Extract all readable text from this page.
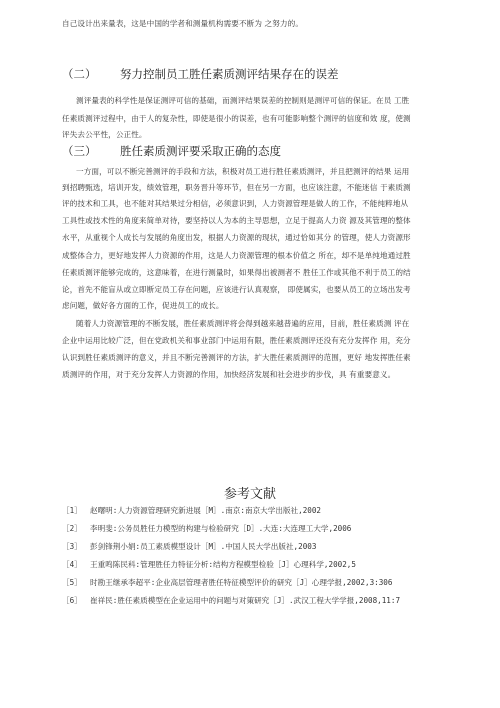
自己设计出来量表，这是中国的学者和测量机构需要不断为 之努力的。
（二） 努力控制员工胜任素质测评结果存在的误差
测评量表的科学性是保证测评可信的基础，而测评结果误差的控制则是测评可信的保证。在员 工胜
任素质测评过程中，由于人的复杂性，即使是很小的误差，也有可能影响整个测评的信度和效 度，使测
评失去公平性，公正性。
（三） 胜任素质测评要采取正确的态度
一方面，可以不断完善测评的手段和方法，积极对员工进行胜任素质测评，并且把测评的结果 运用
到招聘甄选，培训开发，绩效管理，职务晋升等环节，但在另一方面，也应该注意，不能迷信 于素质测
评的技术和工具，也不能对其结果过分相信，必须意识到，人力资源管理是做人的工作，不能纯粹地从
工具性或技术性的角度来简单对待，要坚持以人为本的主导思想，立足于提高人力资 源及其管理的整体
水平，从重视个人成长与发展的角度出发，根据人力资源的现状，通过恰如其分 的管理，使人力资源形
成整体合力，更好地发挥人力资源的作用，这是人力资源管理的根本价值之 所在，却不是单纯地通过胜
任素质测评能够完成的，这意味着，在进行测量时，如果得出被测者不 胜任工作或其他不利于员工的结
论，首先不能盲从或立即断定员工存在问题，应该进行认真观察， 即使属实，也要从员工的立场出发考
虑问题，做好各方面的工作，促进员工的成长。
随着人力资源管理的不断发展，胜任素质测评将会得到越来越普遍的应用，目前，胜任素质测 评在
企业中运用比较广泛，但在党政机关和事业部门中运用有限，胜任素质测评还没有充分发挥作 用，充分
认识到胜任素质测评的意义，并且不断完善测评的方法，扩大胜任素质测评的范围，更好 地发挥胜任素
质测评的作用，对于充分发挥人力资源的作用，加快经济发展和社会进步的步伐，具 有重要意义。
参考文献
［1］ 赵曙明:人力资源管理研究新进展［M］.南京:南京大学出版社,2002
［2］ 李明斐:公务员胜任力模型的构建与检验研究［D］.大连:大连理工大学,2006
［3］ 彭剑锋荆小娟:员工素质模型设计［M］.中国人民大学出版社,2003
［4］ 王重鸣陈民科:管理胜任力特征分析:结构方程模型检验［J］心理科学,2002,5
［5］ 时勘王继承李超平:企业高层管理者胜任特征模型评价的研究［J］心理学报,2002,3:306
［6］ 崔祥民:胜任素质模型在企业运用中的问题与对策研究［J］.武汉工程大学学报,2008,11:7
